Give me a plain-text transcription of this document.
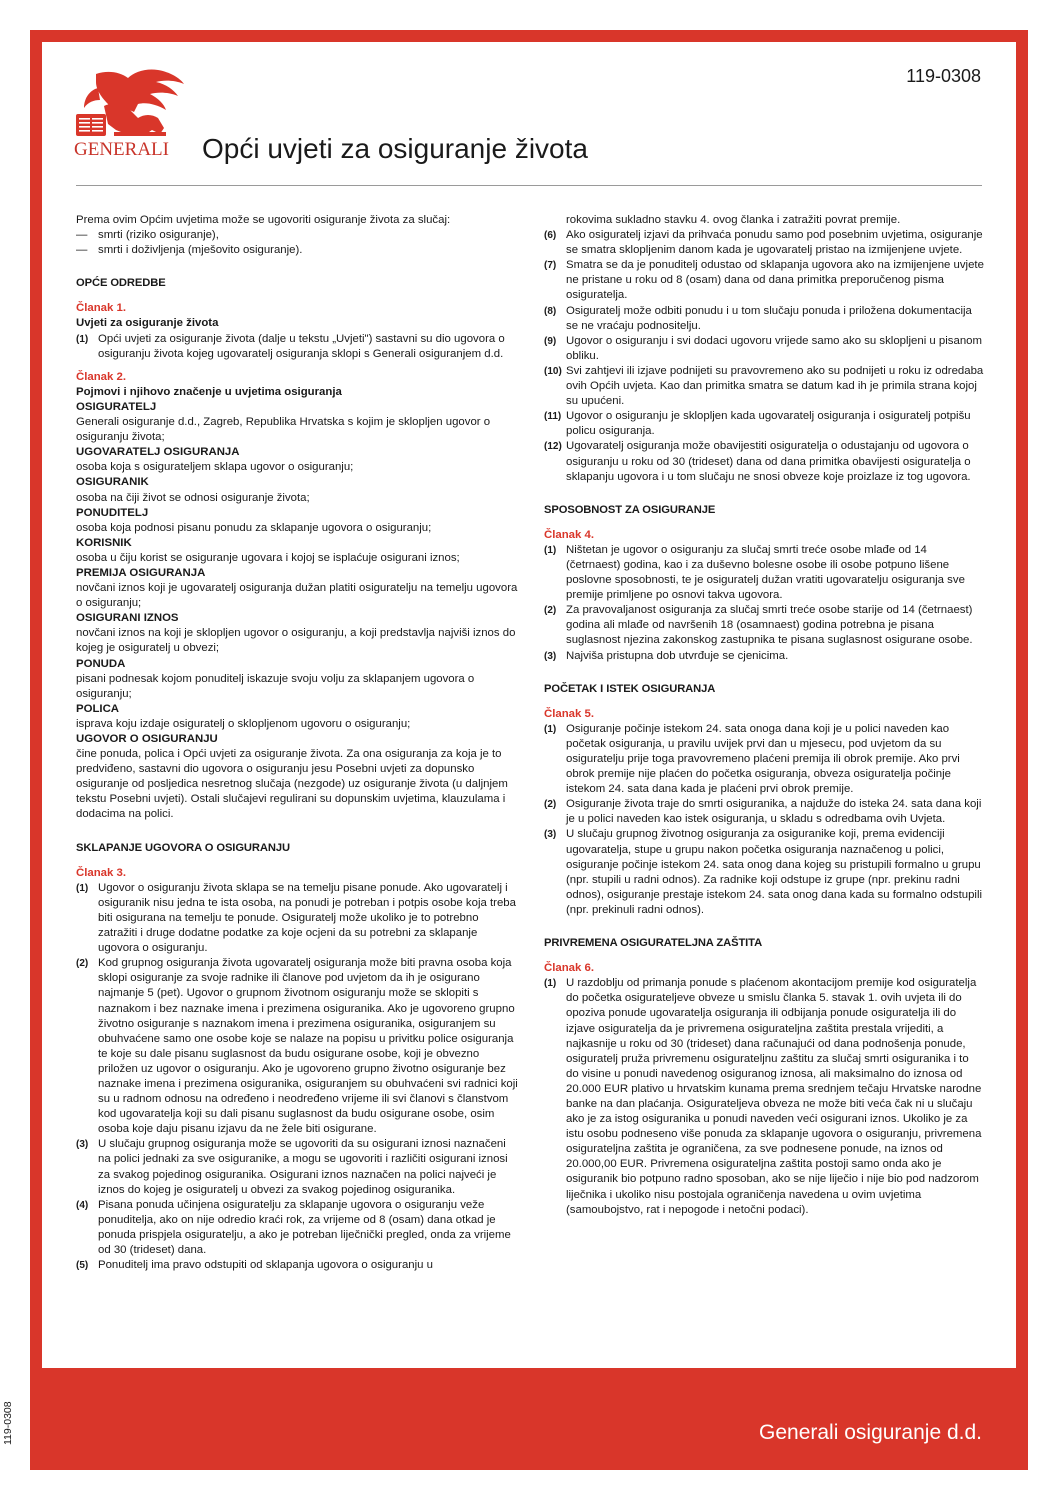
119-0308
GENERALI	Opći uvjeti za osiguranje života

Prema ovim Općim uvjetima može se ugovoriti osiguranje života za slučaj:

— smrti (riziko osiguranje),
— smrti i doživljenja (mješovito osiguranje).

OPĆE ODREDBE

Članak 1.

Uvjeti za osiguranje života

(1) Opći uvjeti za osiguranje života (dalje u tekstu „Uvjeti") sastavni su dio ugovora o osiguranju života kojeg ugovaratelj osiguranja sklopi s Generali osiguranjem d.d.

Članak 2.

Pojmovi i njihovo značenje u uvjetima osiguranja

OSIGURATELJ

Generali osiguranje d.d., Zagreb, Republika Hrvatska s kojim je sklopljen ugovor o osiguranju života;

UGOVARATELJ OSIGURANJA

osoba koja s osigurateljem sklapa ugovor o osiguranju;

OSIGURANIK

osoba na čiji život se odnosi osiguranje života;

PONUDITELJ

osoba koja podnosi pisanu ponudu za sklapanje ugovora o osiguranju;

KORISNIK

osoba u čiju korist se osiguranje ugovara i kojoj se isplaćuje osigurani iznos;

PREMIJA OSIGURANJA

novčani iznos koji je ugovaratelj osiguranja dužan platiti osiguratelju na temelju ugovora o osiguranju;

OSIGURANI IZNOS

novčani iznos na koji je sklopljen ugovor o osiguranju, a koji predstavlja najviši iznos do kojeg je osiguratelj u obvezi;

PONUDA

pisani podnesak kojom ponuditelj iskazuje svoju volju za sklapanjem ugovora o osiguranju;

POLICA

isprava koju izdaje osiguratelj o sklopljenom ugovoru o osiguranju;

UGOVOR O OSIGURANJU

čine ponuda, polica i Opći uvjeti za osiguranje života. Za ona osiguranja za koja je to predviđeno, sastavni dio ugovora o osiguranju jesu Posebni uvjeti za dopunsko osiguranje od posljedica nesretnog slučaja (nezgode) uz osiguranje života (u daljnjem tekstu Posebni uvjeti). Ostali slučajevi regulirani su dopunskim uvjetima, klauzulama i dodacima na polici.

SKLAPANJE UGOVORA O OSIGURANJU

Članak 3.

(1) Ugovor o osiguranju života sklapa se na temelju pisane ponude. Ako ugovaratelj i osiguranik nisu jedna te ista osoba, na ponudi je potreban i potpis osobe koja treba biti osigurana na temelju te ponude. Osiguratelj može ukoliko je to potrebno zatražiti i druge dodatne podatke za koje ocjeni da su potrebni za sklapanje ugovora o osiguranju.
(2) Kod grupnog osiguranja života ugovaratelj osiguranja može biti pravna osoba koja sklopi osiguranje za svoje radnike ili članove pod uvjetom da ih je osigurano najmanje 5 (pet). Ugovor o grupnom životnom osiguranju može se sklopiti s naznakom i bez naznake imena i prezimena osiguranika. Ako je ugovoreno grupno životno osiguranje s naznakom imena i prezimena osiguranika, osiguranjem su obuhvaćene samo one osobe koje se nalaze na popisu u privitku police osiguranja te koje su dale pisanu suglasnost da budu osigurane osobe, koji je obvezno priložen uz ugovor o osiguranju. Ako je ugovoreno grupno životno osiguranje bez naznake imena i prezimena osiguranika, osiguranjem su obuhvaćeni svi radnici koji su u radnom odnosu na određeno i neodređeno vrijeme ili svi članovi s članstvom kod ugovaratelja koji su dali pisanu suglasnost da budu osigurane osobe, osim osoba koje daju pisanu izjavu da ne žele biti osigurane.
(3) U slučaju grupnog osiguranja može se ugovoriti da su osigurani iznosi naznačeni na polici jednaki za sve osiguranike, a mogu se ugovoriti i različiti osigurani iznosi za svakog pojedinog osiguranika. Osigurani iznos naznačen na polici najveći je iznos do kojeg je osiguratelj u obvezi za svakog pojedinog osiguranika.
(4) Pisana ponuda učinjena osiguratelju za sklapanje ugovora o osiguranju veže ponuditelja, ako on nije odredio kraći rok, za vrijeme od 8 (osam) dana otkad je ponuda prispjela osiguratelju, a ako je potreban liječnički pregled, onda za vrijeme od 30 (trideset) dana.
(5) Ponuditelj ima pravo odstupiti od sklapanja ugovora o osiguranju u
rokovima sukladno stavku 4. ovog članka i zatražiti povrat premije.
(6) Ako osiguratelj izjavi da prihvaća ponudu samo pod posebnim uvjetima, osiguranje se smatra sklopljenim danom kada je ugovaratelj pristao na izmijenjene uvjete.
(7) Smatra se da je ponuditelj odustao od sklapanja ugovora ako na izmijenjene uvjete ne pristane u roku od 8 (osam) dana od dana primitka preporučenog pisma osiguratelja.
(8) Osiguratelj može odbiti ponudu i u tom slučaju ponuda i priložena dokumentacija se ne vraćaju podnositelju.
(9) Ugovor o osiguranju i svi dodaci ugovoru vrijede samo ako su sklopljeni u pisanom obliku.
(10) Svi zahtjevi ili izjave podnijeti su pravovremeno ako su podnijeti u roku iz odredaba ovih Općih uvjeta. Kao dan primitka smatra se datum kad ih je primila strana kojoj su upućeni.
(11) Ugovor o osiguranju je sklopljen kada ugovaratelj osiguranja i osiguratelj potpišu policu osiguranja.
(12) Ugovaratelj osiguranja može obavijestiti osiguratelja o odustajanju od ugovora o osiguranju u roku od 30 (trideset) dana od dana primitka obavijesti osiguratelja o sklapanju ugovora i u tom slučaju ne snosi obveze koje proizlaze iz tog ugovora.

SPOSOBNOST ZA OSIGURANJE

Članak 4.

(1) Ništetan je ugovor o osiguranju za slučaj smrti treće osobe mlađe od 14 (četrnaest) godina, kao i za duševno bolesne osobe ili osobe potpuno lišene poslovne sposobnosti, te je osiguratelj dužan vratiti ugovaratelju osiguranja sve premije primljene po osnovi takva ugovora.
(2) Za pravovaljanost osiguranja za slučaj smrti treće osobe starije od 14 (četrnaest) godina ali mlađe od navršenih 18 (osamnaest) godina potrebna je pisana suglasnost njezina zakonskog zastupnika te pisana suglasnost osigurane osobe.
(3) Najviša pristupna dob utvrđuje se cjenicima.

POČETAK I ISTEK OSIGURANJA

Članak 5.

(1) Osiguranje počinje istekom 24. sata onoga dana koji je u polici naveden kao početak osiguranja, u pravilu uvijek prvi dan u mjesecu, pod uvjetom da su osiguratelju prije toga pravovremeno plaćeni premija ili obrok premije. Ako prvi obrok premije nije plaćen do početka osiguranja, obveza osiguratelja počinje istekom 24. sata dana kada je plaćeni prvi obrok premije.
(2) Osiguranje života traje do smrti osiguranika, a najduže do isteka 24. sata dana koji je u polici naveden kao istek osiguranja, u skladu s odredbama ovih Uvjeta.
(3) U slučaju grupnog životnog osiguranja za osiguranike koji, prema evidenciji ugovaratelja, stupe u grupu nakon početka osiguranja naznačenog u polici, osiguranje počinje istekom 24. sata onog dana kojeg su pristupili formalno u grupu (npr. stupili u radni odnos). Za radnike koji odstupe iz grupe (npr. prekinu radni odnos), osiguranje prestaje istekom 24. sata onog dana kada su formalno odstupili (npr. prekinuli radni odnos).

PRIVREMENA OSIGURATELJNA ZAŠTITA

Članak 6.

(1) U razdoblju od primanja ponude s plaćenom akontacijom premije kod osiguratelja do početka osigurateljeve obveze u smislu članka 5. stavak 1. ovih uvjeta ili do opoziva ponude ugovaratelja osiguranja ili odbijanja ponude osiguratelja ili do izjave osiguratelja da je privremena osigurateljna zaštita prestala vrijediti, a najkasnije u roku od 30 (trideset) dana računajući od dana podnošenja ponude, osiguratelj pruža privremenu osigurateljnu zaštitu za slučaj smrti osiguranika i to do visine u ponudi navedenog osiguranog iznosa, ali maksimalno do iznosa od 20.000 EUR plativo u hrvatskim kunama prema srednjem tečaju Hrvatske narodne banke na dan plaćanja. Osigurateljeva obveza ne može biti veća čak ni u slučaju ako je za istog osiguranika u ponudi naveden veći osigurani iznos. Ukoliko je za istu osobu podneseno više ponuda za sklapanje ugovora o osiguranju, privremena osigurateljna zaštita je ograničena, za sve podnesene ponude, na iznos od 20.000,00 EUR. Privremena osigurateljna zaštita postoji samo onda ako je osiguranik bio potpuno radno sposoban, ako se nije liječio i nije bio pod nadzorom liječnika i ukoliko nisu postojala ograničenja navedena u ovim uvjetima (samoubojstvo, rat i nepogode i netočni podaci).
Generali osiguranje d.d.
119-0308
